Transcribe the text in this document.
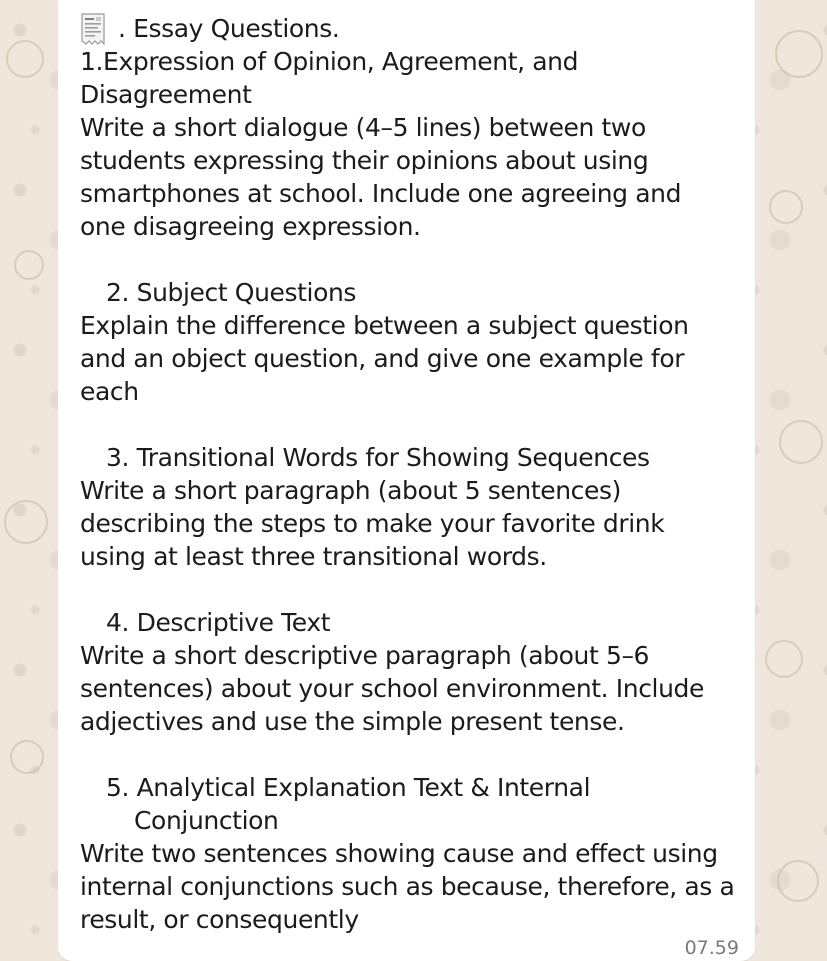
. Essay Questions.
1.Expression of Opinion, Agreement, and
Disagreement
Write a short dialogue (4–5 lines) between two
students expressing their opinions about using
smartphones at school. Include one agreeing and
one disagreeing expression.
2. Subject Questions
Explain the difference between a subject question
and an object question, and give one example for
each
3. Transitional Words for Showing Sequences
Write a short paragraph (about 5 sentences)
describing the steps to make your favorite drink
using at least three transitional words.
4. Descriptive Text
Write a short descriptive paragraph (about 5–6
sentences) about your school environment. Include
adjectives and use the simple present tense.
5. Analytical Explanation Text & Internal
Conjunction
Write two sentences showing cause and effect using
internal conjunctions such as because, therefore, as a
result, or consequently
07.59
